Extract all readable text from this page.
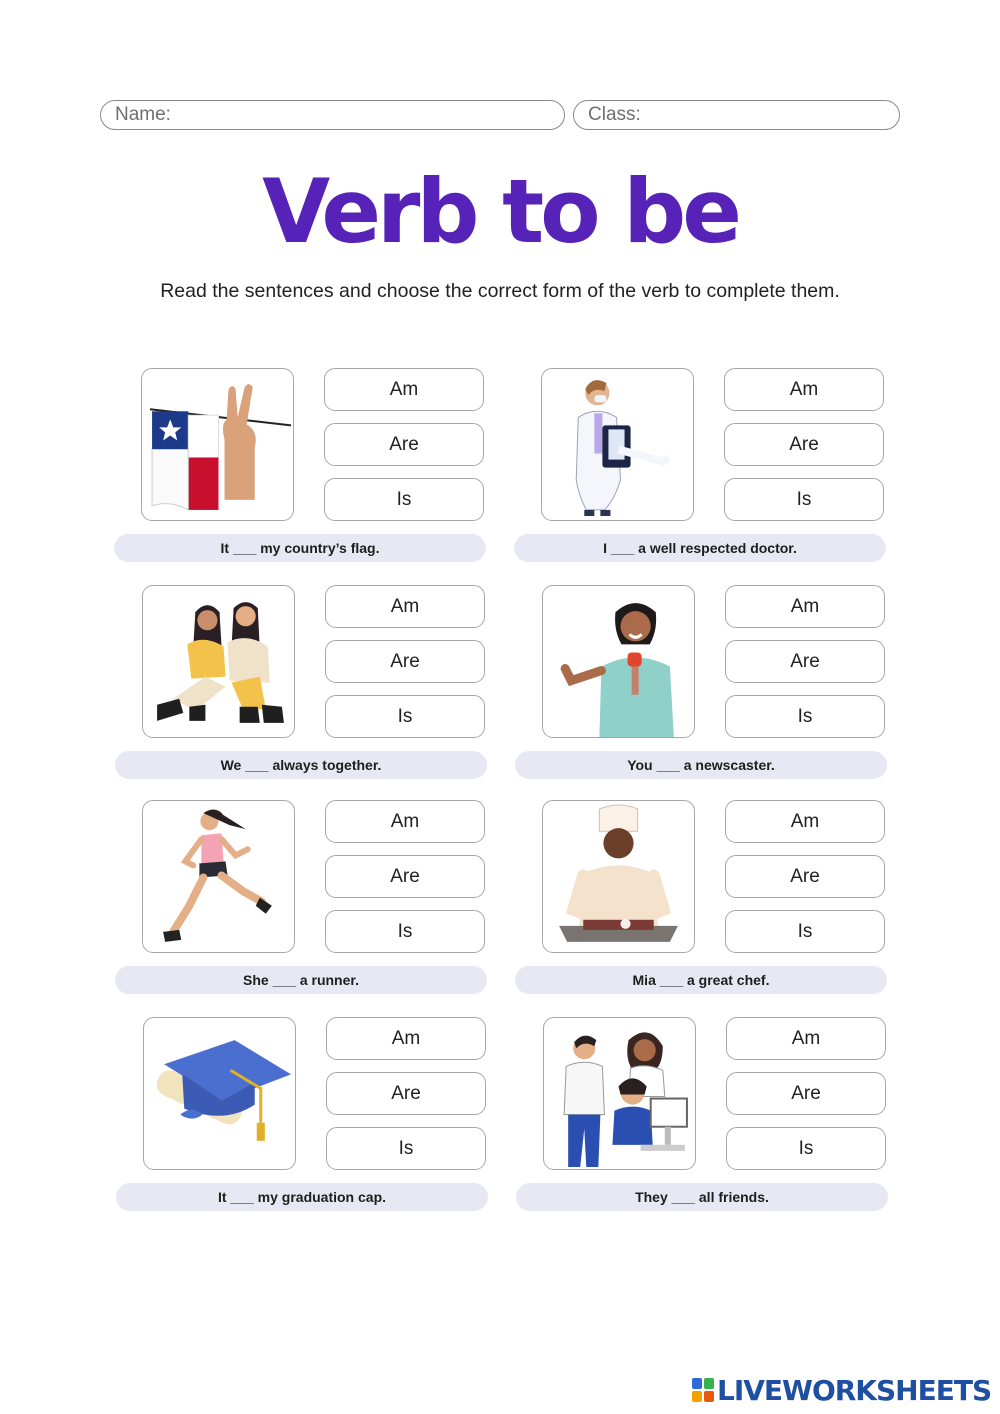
Name:	Class:
Verb to be

Read the sentences and choose the correct form of the verb to complete them.

Am
Are
Is
It ___ my country’s flag.
Am
Are
Is
I ___ a well respected doctor.
Am
Are
Is
We ___ always together.
Am
Are
Is
You ___ a newscaster.
Am
Are
Is
She ___ a runner.
Am
Are
Is
Mia ___ a great chef.
Am
Are
Is
It ___ my graduation cap.
Am
Are
Is
They ___ all friends.
LIVEWORKSHEETS
